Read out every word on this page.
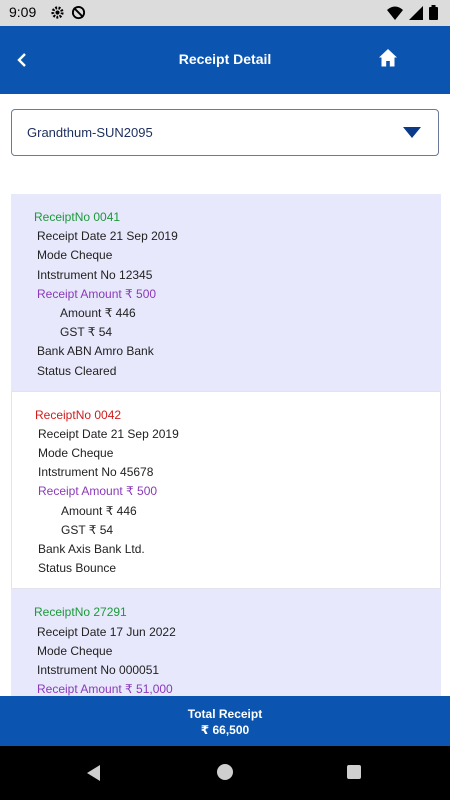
9:09
Receipt Detail
Grandthum-SUN2095
ReceiptNo 0041
Receipt Date 21 Sep 2019
Mode Cheque
Intstrument No 12345
Receipt Amount ₹ 500
Amount ₹ 446
GST ₹ 54
Bank ABN Amro Bank
Status Cleared
ReceiptNo 0042
Receipt Date 21 Sep 2019
Mode Cheque
Intstrument No 45678
Receipt Amount ₹ 500
Amount ₹ 446
GST ₹ 54
Bank Axis Bank Ltd.
Status Bounce
ReceiptNo 27291
Receipt Date 17 Jun 2022
Mode Cheque
Intstrument No 000051
Receipt Amount ₹ 51,000
Total Receipt
₹ 66,500
